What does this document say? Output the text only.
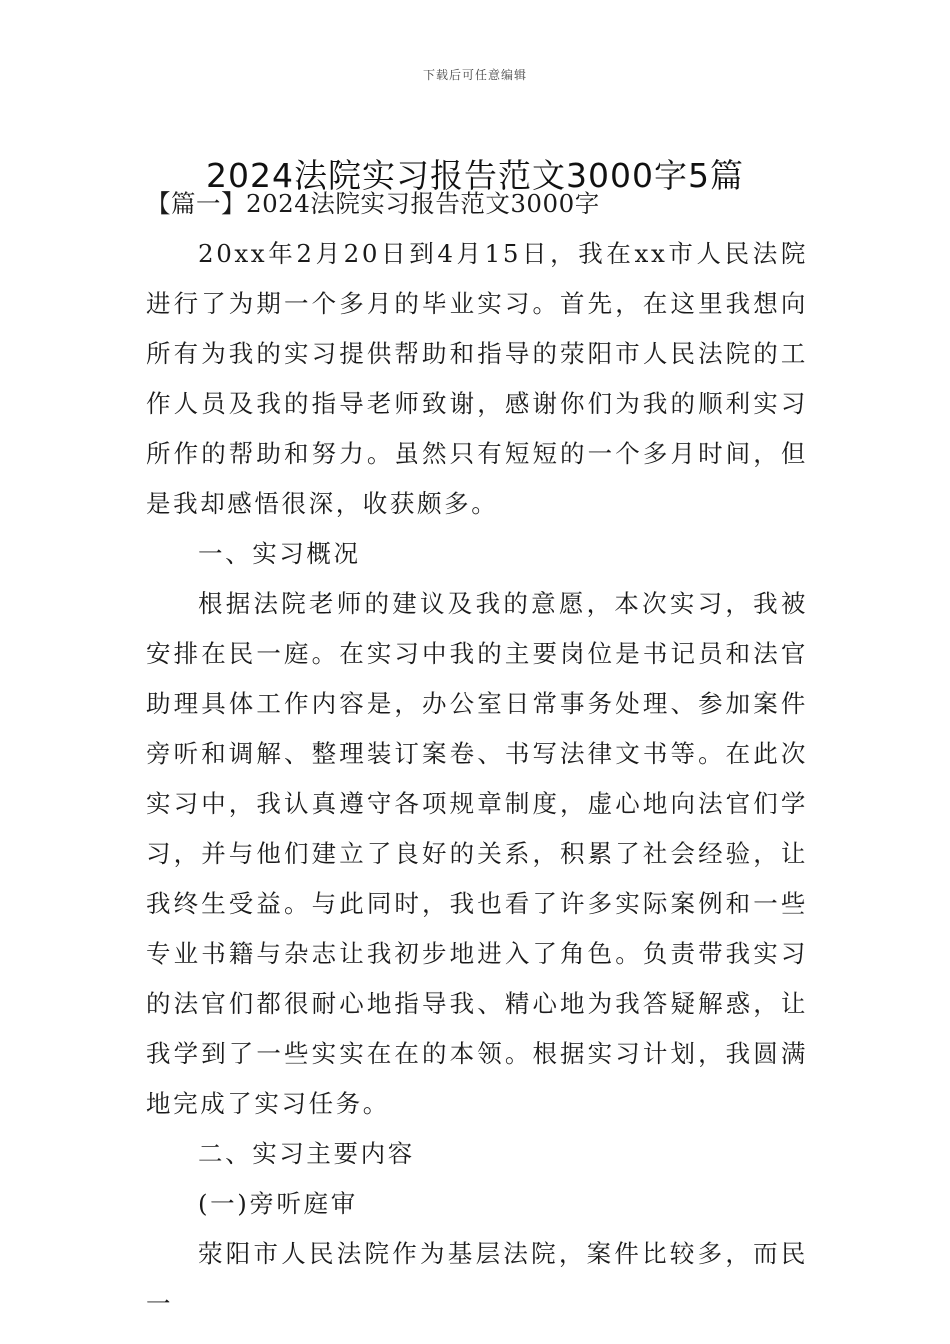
下载后可任意编辑
2024法院实习报告范文3000字5篇

【篇一】2024法院实习报告范文3000字

20xx年2月20日到4月15日，我在xx市人民法院进行了为期一个多月的毕业实习。首先，在这里我想向所有为我的实习提供帮助和指导的荥阳市人民法院的工作人员及我的指导老师致谢，感谢你们为我的顺利实习所作的帮助和努力。虽然只有短短的一个多月时间，但是我却感悟很深，收获颇多。

一、实习概况

根据法院老师的建议及我的意愿，本次实习，我被安排在民一庭。在实习中我的主要岗位是书记员和法官助理具体工作内容是，办公室日常事务处理、参加案件旁听和调解、整理装订案卷、书写法律文书等。在此次实习中，我认真遵守各项规章制度，虚心地向法官们学习，并与他们建立了良好的关系，积累了社会经验，让我终生受益。与此同时，我也看了许多实际案例和一些专业书籍与杂志让我初步地进入了角色。负责带我实习的法官们都很耐心地指导我、精心地为我答疑解惑，让我学到了一些实实在在的本领。根据实习计划，我圆满地完成了实习任务。

二、实习主要内容

(一)旁听庭审

荥阳市人民法院作为基层法院，案件比较多，而民一
